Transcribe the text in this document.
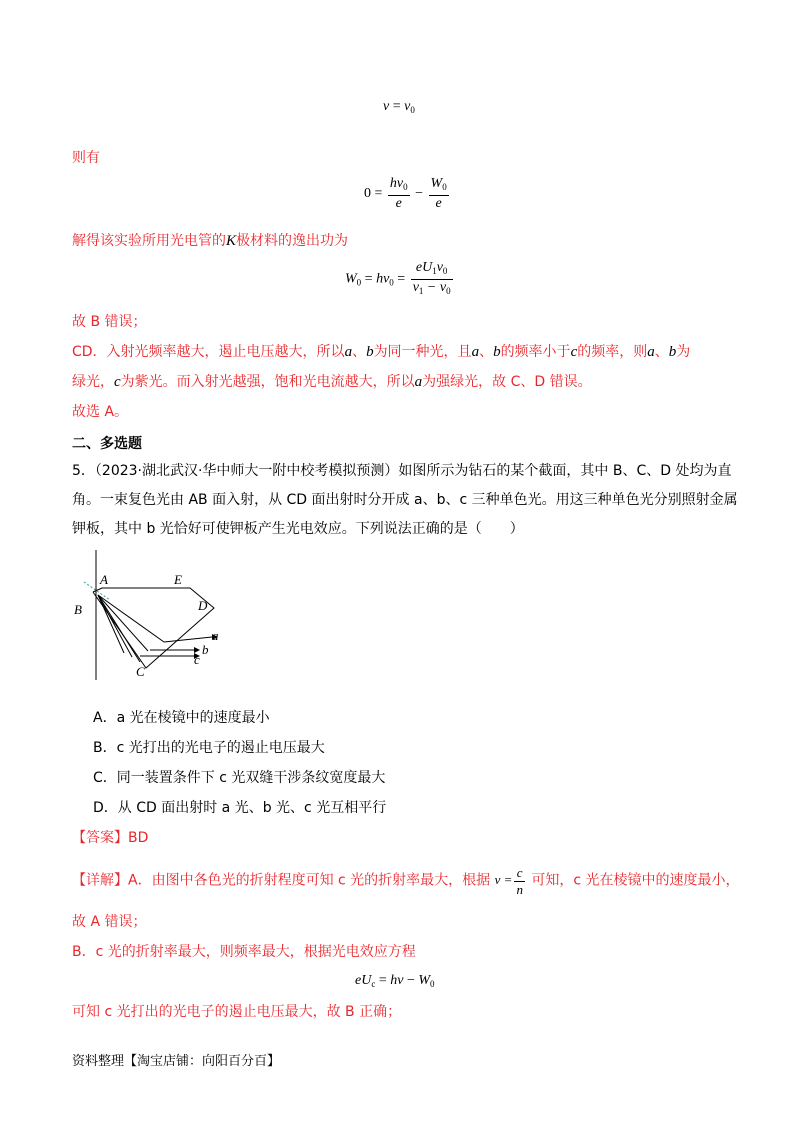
$\nu = \nu_0$
则有
$0 = \frac{h\nu_0}{e} - \frac{W_0}{e}$
解得该实验所用光电管的K极材料的逸出功为
$W_0 = h\nu_0 = \frac{eU_1\nu_0}{\nu_1 - \nu_0}$
故 B 错误；
CD．入射光频率越大，遏止电压越大，所以a、b为同一种光，且a、b的频率小于c的频率，则a、b为
绿光，c为紫光。而入射光越强，饱和光电流越大，所以a为强绿光，故 C、D 错误。
故选 A。
二、多选题
5．（2023·湖北武汉·华中师大一附中校考模拟预测）如图所示为钻石的某个截面，其中 B、C、D 处均为直
角。一束复色光由 AB 面入射，从 CD 面出射时分开成 a、b、c 三种单色光。用这三种单色光分别照射金属
钾板，其中 b 光恰好可使钾板产生光电效应。下列说法正确的是（　　）
A	E
B	D
C
a
b
c
A．a 光在棱镜中的速度最小
B．c 光打出的光电子的遏止电压最大
C．同一装置条件下 c 光双缝干涉条纹宽度最大
D．从 CD 面出射时 a 光、b 光、c 光互相平行
【答案】BD
【详解】A．由图中各色光的折射程度可知 c 光的折射率最大，根据 $v = \frac{c}{n}$ 可知，c 光在棱镜中的速度最小，
故 A 错误；
B．c 光的折射率最大，则频率最大，根据光电效应方程
$eU_c = h\nu - W_0$
可知 c 光打出的光电子的遏止电压最大，故 B 正确；
资料整理【淘宝店铺：向阳百分百】
